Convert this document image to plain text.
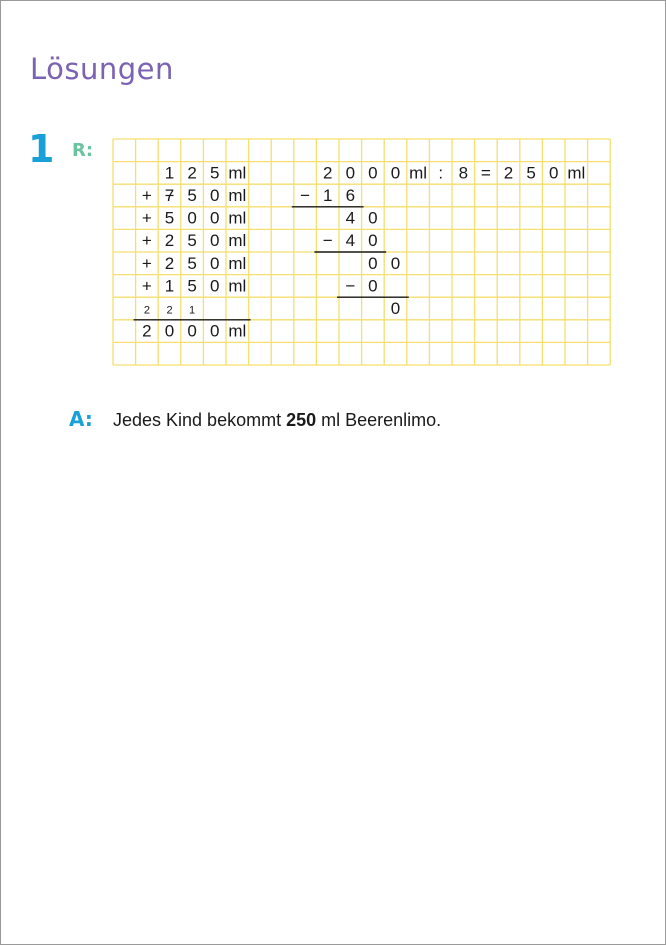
Lösungen
1 R:
1 2 5 ml
+ 7 5 0 ml
+ 5 0 0 ml
+ 2 5 0 ml
+ 2 5 0 ml
+ 1 5 0 ml
2 2 1
2 0 0 0 ml
2 0 0 0 ml : 8 = 2 5 0 ml
− 1 6
4 0
− 4 0
0 0
− 0
0
A: Jedes Kind bekommt 250 ml Beerenlimo.
